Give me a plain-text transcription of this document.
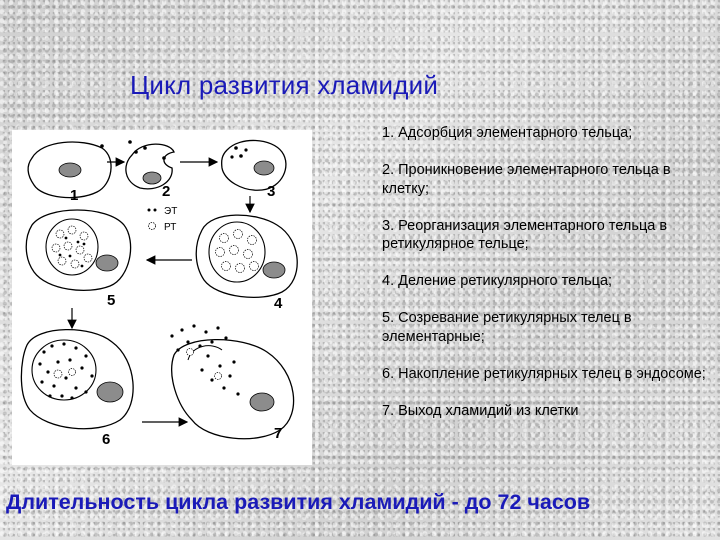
Цикл развития хламидий
1	2	3
ЭТ
РТ
5	4
6	7
1. Адсорбция элементарного тельца;
2. Проникновение элементарного тельца в клетку;
3. Реорганизация элементарного тельца в ретикулярное тельце;
4. Деление ретикулярного тельца;
5. Созревание ретикулярных телец в элементарные;
6. Накопление ретикулярных телец в эндосоме;
7. Выход хламидий из клетки
Длительность цикла развития хламидий - до 72 часов
